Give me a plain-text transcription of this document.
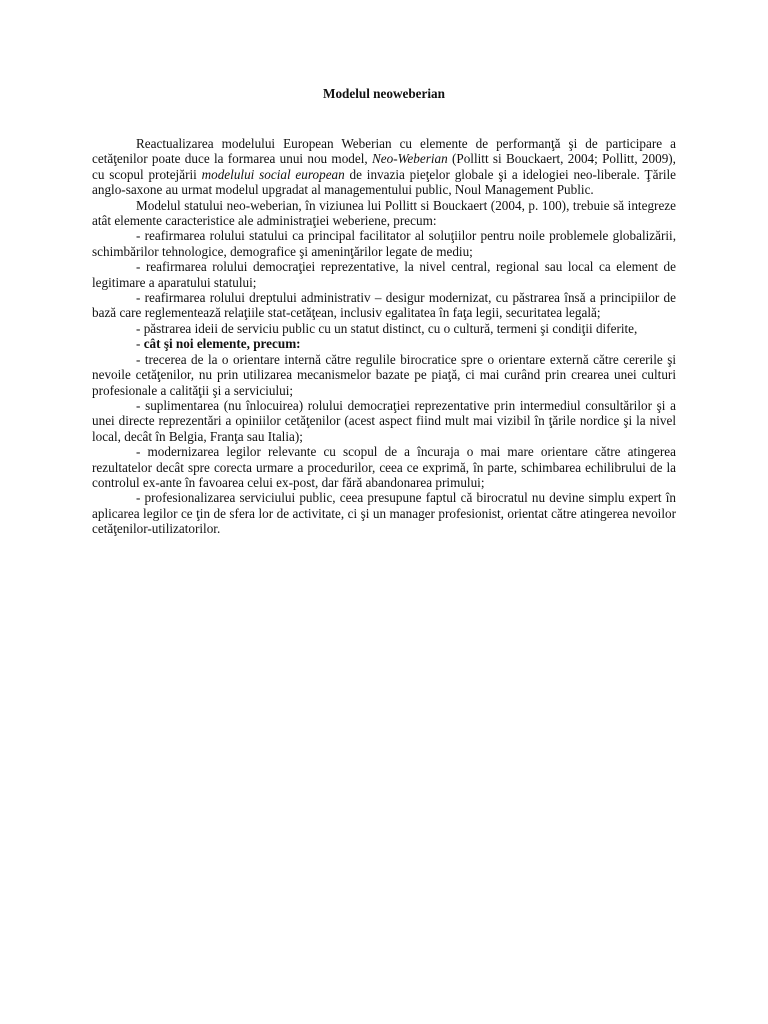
Modelul neoweberian

Reactualizarea modelului European Weberian cu elemente de performanţă şi de participare a cetăţenilor poate duce la formarea unui nou model, Neo-Weberian (Pollitt si Bouckaert, 2004; Pollitt, 2009), cu scopul protejării modelului social european de invazia pieţelor globale şi a idelogiei neo-liberale. Ţările anglo-saxone au urmat modelul upgradat al managementului public, Noul Management Public.

Modelul statului neo-weberian, în viziunea lui Pollitt si Bouckaert (2004, p. 100), trebuie să integreze atât elemente caracteristice ale administraţiei weberiene, precum:

- reafirmarea rolului statului ca principal facilitator al soluţiilor pentru noile problemele globalizării, schimbărilor tehnologice, demografice şi ameninţărilor legate de mediu;

- reafirmarea rolului democraţiei reprezentative, la nivel central, regional sau local ca element de legitimare a aparatului statului;

- reafirmarea rolului dreptului administrativ – desigur modernizat, cu păstrarea însă a principiilor de bază care reglementează relaţiile stat-cetăţean, inclusiv egalitatea în faţa legii, securitatea legală;

- păstrarea ideii de serviciu public cu un statut distinct, cu o cultură, termeni şi condiţii diferite,

- cât şi noi elemente, precum:

- trecerea de la o orientare internă către regulile birocratice spre o orientare externă către cererile şi nevoile cetăţenilor, nu prin utilizarea mecanismelor bazate pe piaţă, ci mai curând prin crearea unei culturi profesionale a calităţii şi a serviciului;

- suplimentarea (nu înlocuirea) rolului democraţiei reprezentative prin intermediul consultărilor şi a unei directe reprezentări a opiniilor cetăţenilor (acest aspect fiind mult mai vizibil în ţările nordice şi la nivel local, decât în Belgia, Franţa sau Italia);

- modernizarea legilor relevante cu scopul de a încuraja o mai mare orientare către atingerea rezultatelor decât spre corecta urmare a procedurilor, ceea ce exprimă, în parte, schimbarea echilibrului de la controlul ex-ante în favoarea celui ex-post, dar fără abandonarea primului;

- profesionalizarea serviciului public, ceea presupune faptul că birocratul nu devine simplu expert în aplicarea legilor ce ţin de sfera lor de activitate, ci şi un manager profesionist, orientat către atingerea nevoilor cetăţenilor-utilizatorilor.
